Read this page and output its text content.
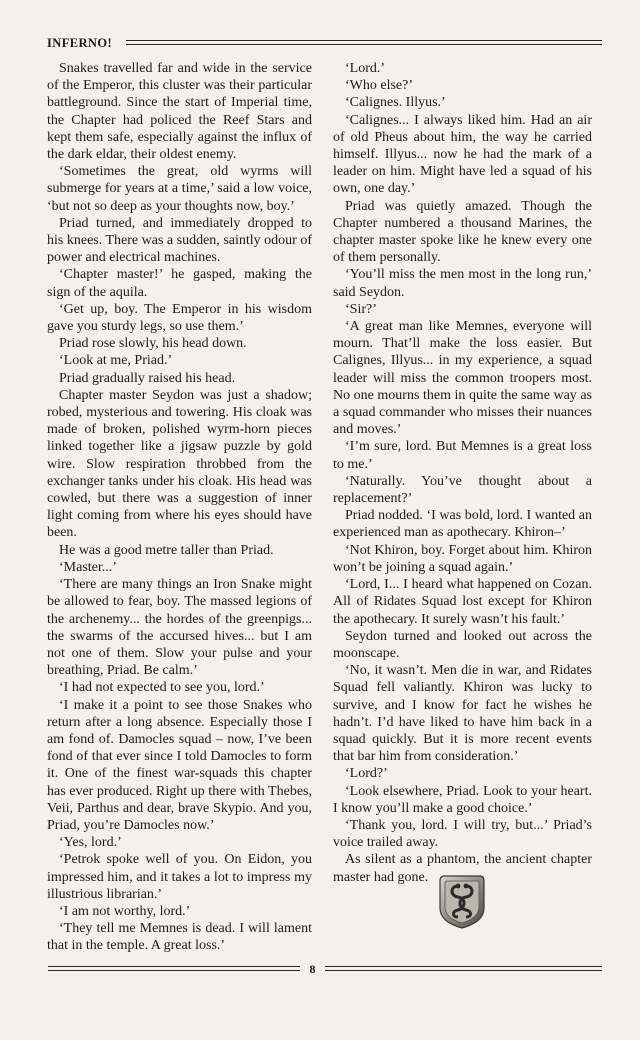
INFERNO!

Snakes travelled far and wide in the service of the Emperor, this cluster was their particular battleground. Since the start of Imperial time, the Chapter had policed the Reef Stars and kept them safe, especially against the influx of the dark eldar, their oldest enemy.

‘Sometimes the great, old wyrms will submerge for years at a time,’ said a low voice, ‘but not so deep as your thoughts now, boy.’

Priad turned, and immediately dropped to his knees. There was a sudden, saintly odour of power and electrical machines.

‘Chapter master!’ he gasped, making the sign of the aquila.

‘Get up, boy. The Emperor in his wisdom gave you sturdy legs, so use them.’

Priad rose slowly, his head down.

‘Look at me, Priad.’

Priad gradually raised his head.

Chapter master Seydon was just a shadow; robed, mysterious and towering. His cloak was made of broken, polished wyrm-horn pieces linked together like a jigsaw puzzle by gold wire. Slow respiration throbbed from the exchanger tanks under his cloak. His head was cowled, but there was a suggestion of inner light coming from where his eyes should have been.

He was a good metre taller than Priad.

‘Master...’

‘There are many things an Iron Snake might be allowed to fear, boy. The massed legions of the archenemy... the hordes of the greenpigs... the swarms of the accursed hives... but I am not one of them. Slow your pulse and your breathing, Priad. Be calm.’

‘I had not expected to see you, lord.’

‘I make it a point to see those Snakes who return after a long absence. Especially those I am fond of. Damocles squad – now, I’ve been fond of that ever since I told Damocles to form it. One of the finest war-squads this chapter has ever produced. Right up there with Thebes, Veii, Parthus and dear, brave Skypio. And you, Priad, you’re Damocles now.’

‘Yes, lord.’

‘Petrok spoke well of you. On Eidon, you impressed him, and it takes a lot to impress my illustrious librarian.’

‘I am not worthy, lord.’

‘They tell me Memnes is dead. I will lament that in the temple. A great loss.’

‘Lord.’

‘Who else?’

‘Calignes. Illyus.’

‘Calignes... I always liked him. Had an air of old Pheus about him, the way he carried himself. Illyus... now he had the mark of a leader on him. Might have led a squad of his own, one day.’

Priad was quietly amazed. Though the Chapter numbered a thousand Marines, the chapter master spoke like he knew every one of them personally.

‘You’ll miss the men most in the long run,’ said Seydon.

‘Sir?’

‘A great man like Memnes, everyone will mourn. That’ll make the loss easier. But Calignes, Illyus... in my experience, a squad leader will miss the common troopers most. No one mourns them in quite the same way as a squad commander who misses their nuances and moves.’

‘I’m sure, lord. But Memnes is a great loss to me.’

‘Naturally. You’ve thought about a replacement?’

Priad nodded. ‘I was bold, lord. I wanted an experienced man as apothecary. Khiron–’

‘Not Khiron, boy. Forget about him. Khiron won’t be joining a squad again.’

‘Lord, I... I heard what happened on Cozan. All of Ridates Squad lost except for Khiron the apothecary. It surely wasn’t his fault.’

Seydon turned and looked out across the moonscape.

‘No, it wasn’t. Men die in war, and Ridates Squad fell valiantly. Khiron was lucky to survive, and I know for fact he wishes he hadn’t. I’d have liked to have him back in a squad quickly. But it is more recent events that bar him from consideration.’

‘Lord?’

‘Look elsewhere, Priad. Look to your heart. I know you’ll make a good choice.’

‘Thank you, lord. I will try, but...’ Priad’s voice trailed away.

As silent as a phantom, the ancient chapter master had gone.

8
